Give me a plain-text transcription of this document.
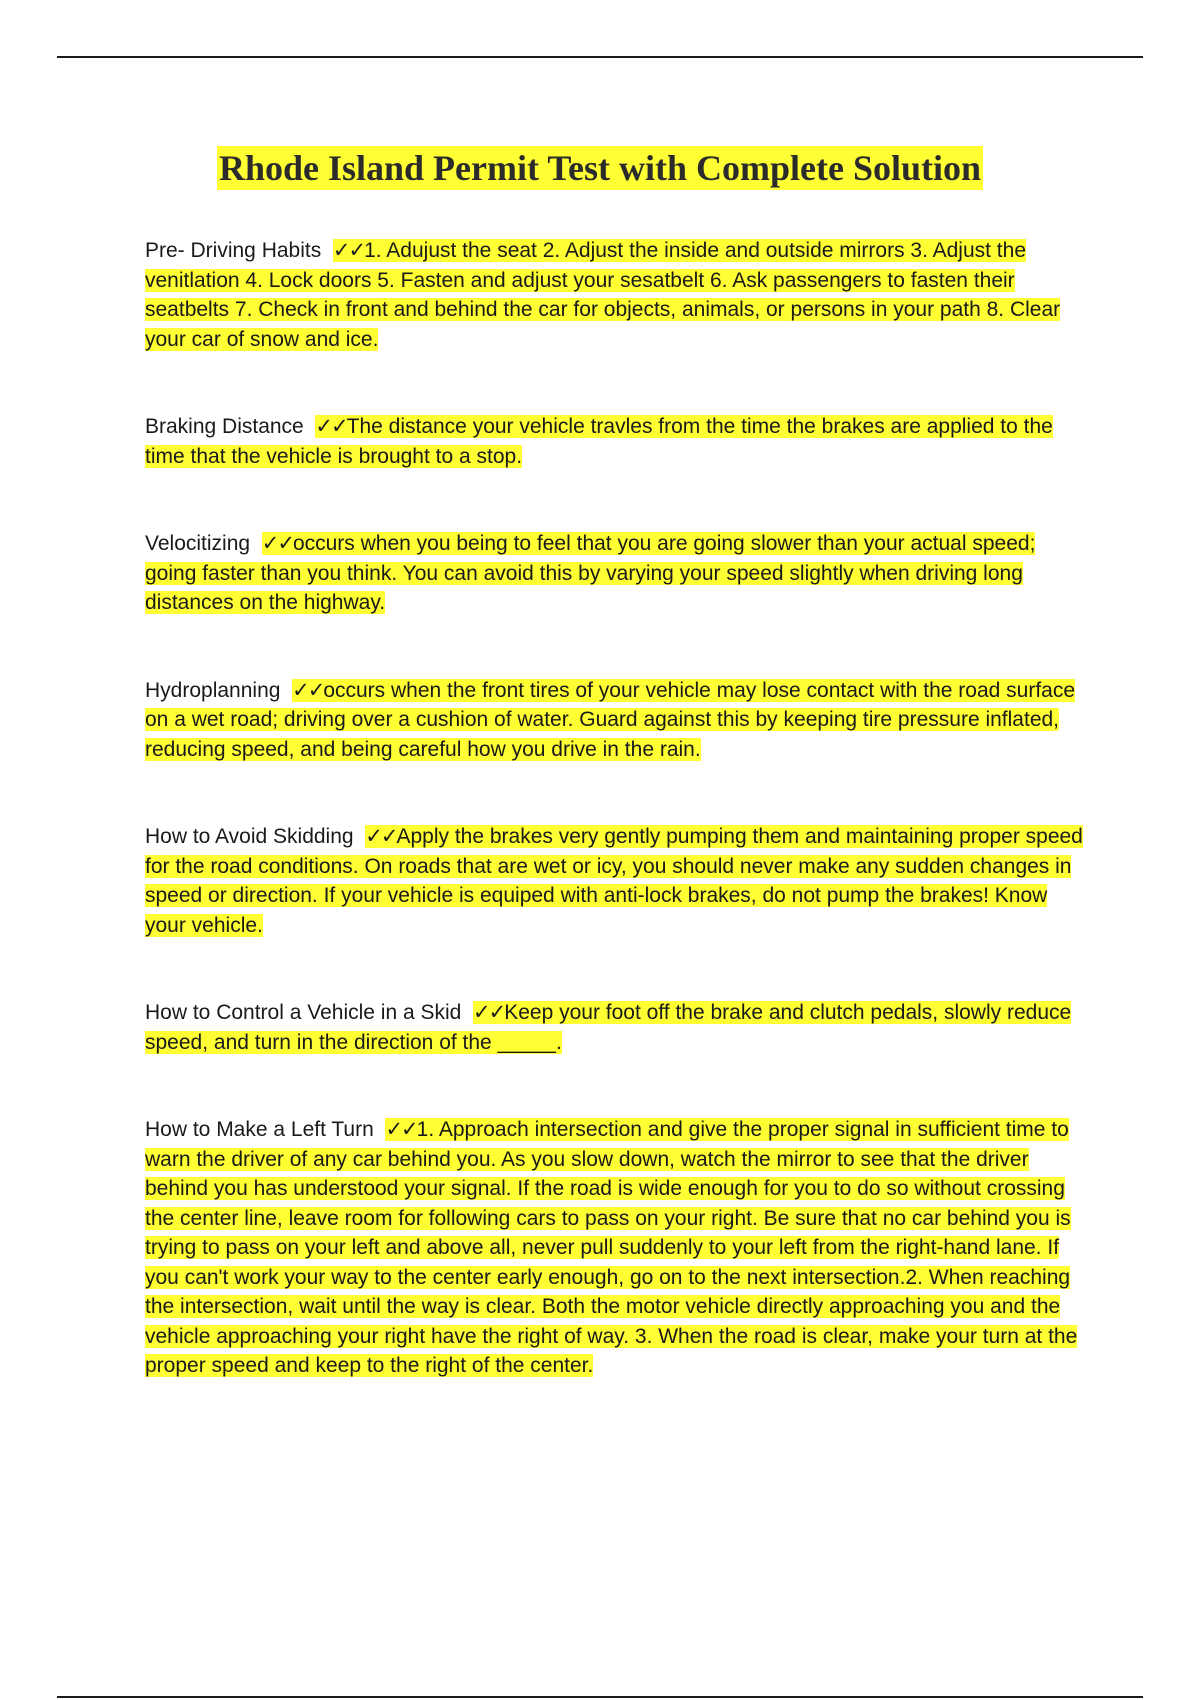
Rhode Island Permit Test with Complete Solution

Pre- Driving Habits ✓✓1. Adujust the seat 2. Adjust the inside and outside mirrors 3. Adjust the venitlation 4. Lock doors 5. Fasten and adjust your sesatbelt 6. Ask passengers to fasten their seatbelts 7. Check in front and behind the car for objects, animals, or persons in your path 8. Clear your car of snow and ice.

Braking Distance ✓✓The distance your vehicle travles from the time the brakes are applied to the time that the vehicle is brought to a stop.

Velocitizing ✓✓occurs when you being to feel that you are going slower than your actual speed; going faster than you think. You can avoid this by varying your speed slightly when driving long distances on the highway.

Hydroplanning ✓✓occurs when the front tires of your vehicle may lose contact with the road surface on a wet road; driving over a cushion of water. Guard against this by keeping tire pressure inflated, reducing speed, and being careful how you drive in the rain.

How to Avoid Skidding ✓✓Apply the brakes very gently pumping them and maintaining proper speed for the road conditions. On roads that are wet or icy, you should never make any sudden changes in speed or direction. If your vehicle is equiped with anti-lock brakes, do not pump the brakes! Know your vehicle.

How to Control a Vehicle in a Skid ✓✓Keep your foot off the brake and clutch pedals, slowly reduce speed, and turn in the direction of the _____.

How to Make a Left Turn ✓✓1. Approach intersection and give the proper signal in sufficient time to warn the driver of any car behind you. As you slow down, watch the mirror to see that the driver behind you has understood your signal. If the road is wide enough for you to do so without crossing the center line, leave room for following cars to pass on your right. Be sure that no car behind you is trying to pass on your left and above all, never pull suddenly to your left from the right-hand lane. If you can't work your way to the center early enough, go on to the next intersection.2. When reaching the intersection, wait until the way is clear. Both the motor vehicle directly approaching you and the vehicle approaching your right have the right of way. 3. When the road is clear, make your turn at the proper speed and keep to the right of the center.
